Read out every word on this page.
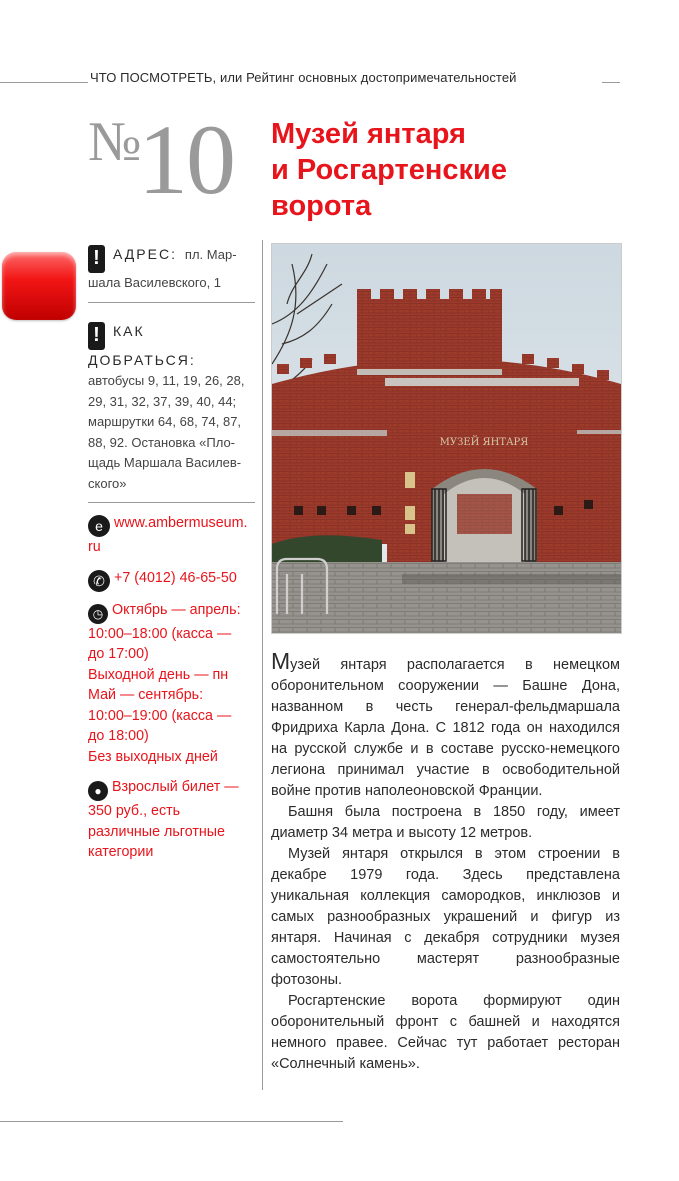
ЧТО ПОСМОТРЕТЬ, или Рейтинг основных достопримечательностей
№
10 Музей янтаря
и Росгартенские
ворота
! АДРЕС: пл. Мар-
шала Василевского, 1
! КАК ДОБРАТЬСЯ:
автобусы 9, 11, 19, 26, 28,
29, 31, 32, 37, 39, 40, 44;
маршрутки 64, 68, 74, 87,
88, 92. Остановка «Пло-
щадь Маршала Василев-
ского»
e www.ambermuseum.
ru
✆ +7 (4012) 46-65-50
◷ Октябрь — апрель:
10:00–18:00 (касса —
до 17:00)
Выходной день — пн
Май — сентябрь:
10:00–19:00 (касса —
до 18:00)
Без выходных дней
● Взрослый билет —
350 руб., есть
различные льготные
категории
МУЗЕЙ ЯНТАРЯ

Музей янтаря располагается в немецком оборонительном сооружении — Башне Дона, названном в честь генерал-фельдмаршала Фридриха Карла Дона. С 1812 года он находился на русской службе и в составе русско-немецкого легиона принимал участие в освободительной войне против наполеоновской Франции.

Башня была построена в 1850 году, имеет диаметр 34 метра и высоту 12 метров.

Музей янтаря открылся в этом строении в декабре 1979 года. Здесь представлена уникальная коллекция самородков, инклюзов и самых разнообразных украшений и фигур из янтаря. Начиная с декабря сотрудники музея самостоятельно мастерят разнообразные фотозоны.

Росгартенские ворота формируют один оборонительный фронт с башней и находятся немного правее. Сейчас тут работает ресторан «Солнечный камень».
